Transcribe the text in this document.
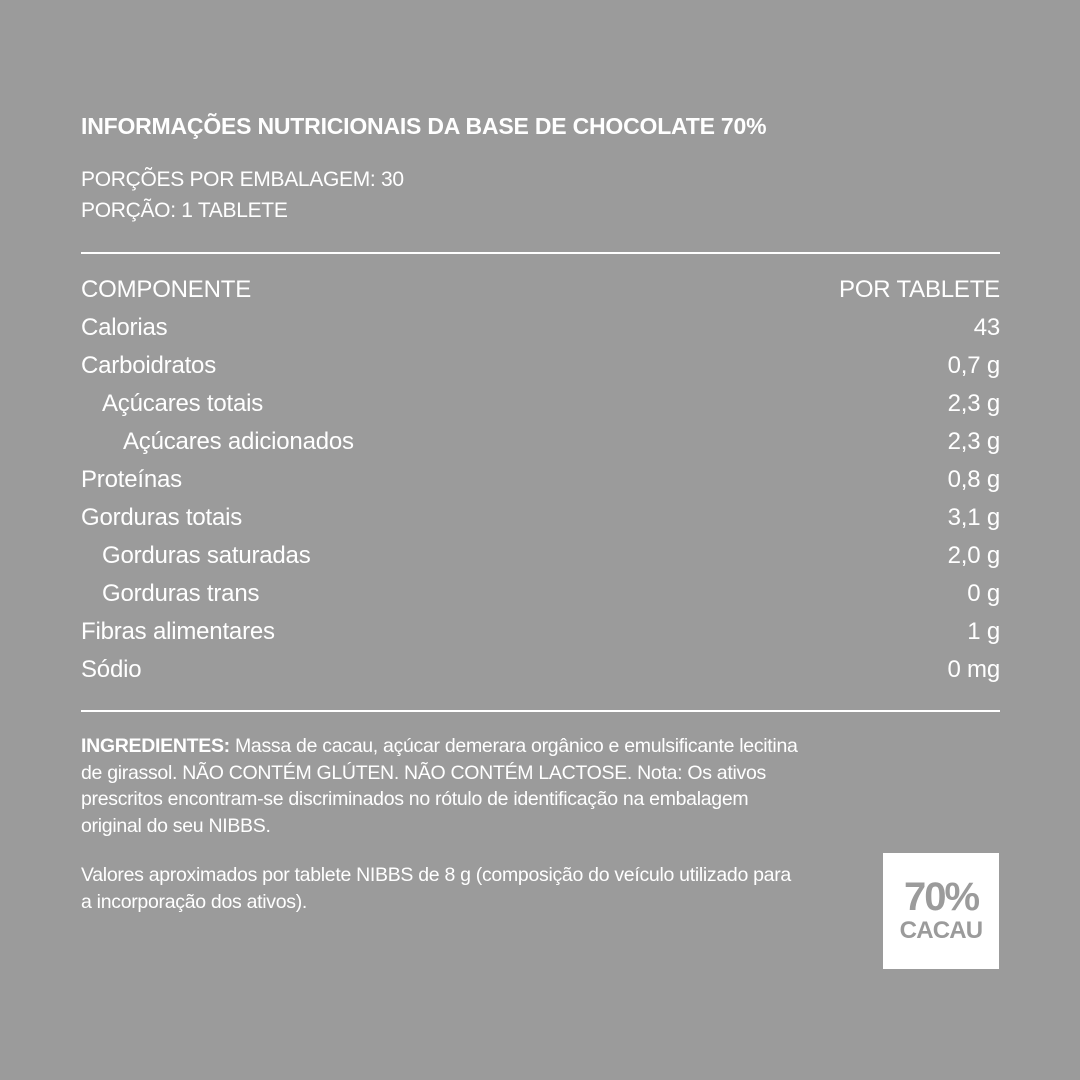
INFORMAÇÕES NUTRICIONAIS DA BASE DE CHOCOLATE 70%
PORÇÕES POR EMBALAGEM: 30
PORÇÃO: 1 TABLETE
COMPONENTE	POR TABLETE
Calorias	43
Carboidratos	0,7 g
Açúcares totais	2,3 g
Açúcares adicionados	2,3 g
Proteínas	0,8 g
Gorduras totais	3,1 g
Gorduras saturadas	2,0 g
Gorduras trans	0 g
Fibras alimentares	1 g
Sódio	0 mg
INGREDIENTES: Massa de cacau, açúcar demerara orgânico e emulsificante lecitina de girassol. NÃO CONTÉM GLÚTEN. NÃO CONTÉM LACTOSE. Nota: Os ativos prescritos encontram-se discriminados no rótulo de identificação na embalagem original do seu NIBBS.
Valores aproximados por tablete NIBBS de 8 g (composição do veículo utilizado para a incorporação dos ativos).	70%
CACAU
